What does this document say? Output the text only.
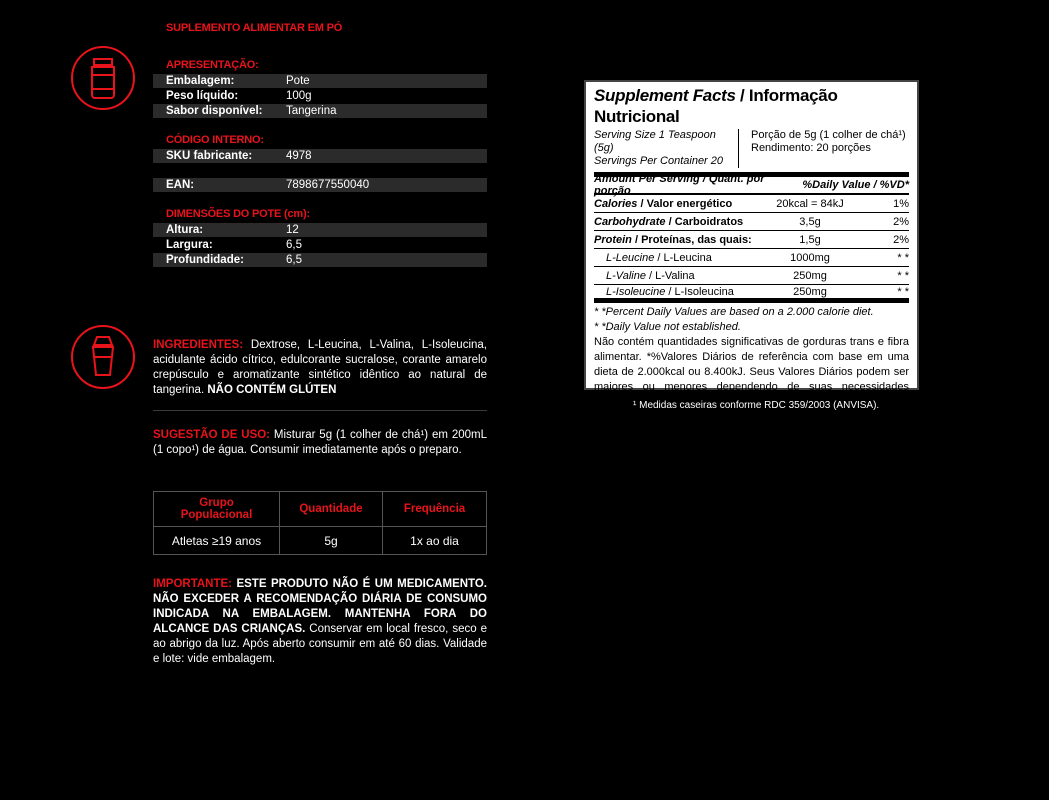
SUPLEMENTO ALIMENTAR EM PÓ
APRESENTAÇÃO:
Embalagem:	Pote
Peso líquido:	100g
Sabor disponível: Tangerina
CÓDIGO INTERNO:
SKU fabricante:	4978
EAN:	7898677550040
DIMENSÕES DO POTE (cm):
Altura:	12
Largura:	6,5
Profundidade:	6,5
INGREDIENTES: Dextrose, L-Leucina, L-Valina, L-Isoleucina, acidulante ácido cítrico, edulcorante sucralose, corante amarelo crepúsculo e aromatizante sintético idêntico ao natural de tangerina. NÃO CONTÉM GLÚTEN
SUGESTÃO DE USO: Misturar 5g (1 colher de chá¹) em 200mL (1 copo¹) de água. Consumir imediatamente após o preparo.
Grupo Populacional	Quantidade	Frequência
Atletas ≥19 anos	5g	1x ao dia
IMPORTANTE: ESTE PRODUTO NÃO É UM MEDICAMENTO. NÃO EXCEDER A RECOMENDAÇÃO DIÁRIA DE CONSUMO INDICADA NA EMBALAGEM. MANTENHA FORA DO ALCANCE DAS CRIANÇAS. Conservar em local fresco, seco e ao abrigo da luz. Após aberto consumir em até 60 dias. Validade e lote: vide embalagem.
Supplement Facts / Informação Nutricional
Serving Size 1 Teaspoon (5g)
Servings Per Container 20
Porção de 5g (1 colher de chá¹)
Rendimento: 20 porções
Amount Per Serving / Quant. por porção	%Daily Value / %VD*
Calories / Valor energético	20kcal = 84kJ	1%
Carbohydrate / Carboidratos	3,5g	2%
Protein / Proteínas, das quais:	1,5g	2%
L-Leucine / L-Leucina	1000mg	* *
L-Valine / L-Valina	250mg	* *
L-Isoleucine / L-Isoleucina	250mg	* *
* *Percent Daily Values are based on a 2.000 calorie diet.
* *Daily Value not established.
Não contém quantidades significativas de gorduras trans e fibra alimentar. *%Valores Diários de referência com base em uma dieta de 2.000kcal ou 8.400kJ. Seus Valores Diários podem ser maiores ou menores dependendo de suas necessidades energéticas.
* *Valores Diários não estabelecidos.
¹ Medidas caseiras conforme RDC 359/2003 (ANVISA).
